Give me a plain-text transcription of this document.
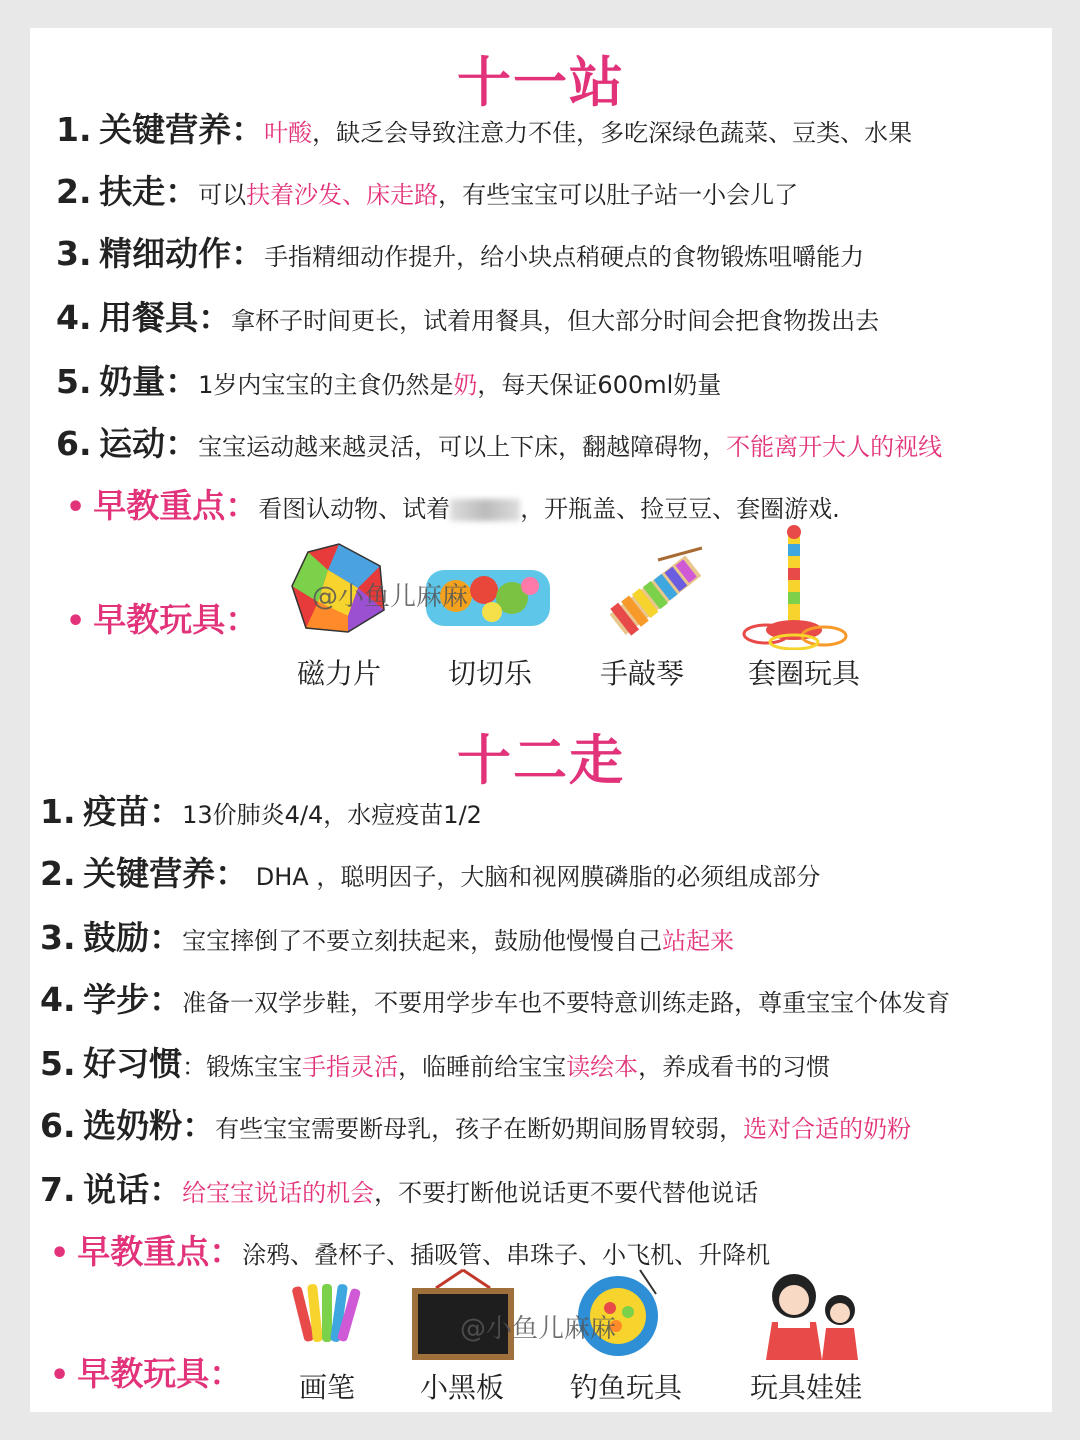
十一站
1. 关键营养：叶酸，缺乏会导致注意力不佳，多吃深绿色蔬菜、豆类、水果
2. 扶走：可以扶着沙发、床走路，有些宝宝可以肚子站一小会儿了
3. 精细动作：手指精细动作提升，给小块点稍硬点的食物锻炼咀嚼能力
4. 用餐具：拿杯子时间更长，试着用餐具，但大部分时间会把食物拨出去
5. 奶量：1岁内宝宝的主食仍然是奶，每天保证600ml奶量
6. 运动：宝宝运动越来越灵活，可以上下床，翻越障碍物，不能离开大人的视线
• 早教重点：看图认动物、试着	，开瓶盖、捡豆豆、套圈游戏.
• 早教玩具：
@小鱼儿麻麻
磁力片	切切乐	手敲琴	套圈玩具
十二走
1. 疫苗：13价肺炎4/4，水痘疫苗1/2
2. 关键营养： DHA ，聪明因子，大脑和视网膜磷脂的必须组成部分
3. 鼓励：宝宝摔倒了不要立刻扶起来，鼓励他慢慢自己站起来
4. 学步：准备一双学步鞋，不要用学步车也不要特意训练走路，尊重宝宝个体发育
5. 好习惯：锻炼宝宝手指灵活，临睡前给宝宝读绘本，养成看书的习惯
6. 选奶粉：有些宝宝需要断母乳，孩子在断奶期间肠胃较弱，选对合适的奶粉
7. 说话：给宝宝说话的机会，不要打断他说话更不要代替他说话
• 早教重点：涂鸦、叠杯子、插吸管、串珠子、小飞机、升降机
• 早教玩具：
@小鱼儿麻麻
画笔	小黑板	钓鱼玩具	玩具娃娃
